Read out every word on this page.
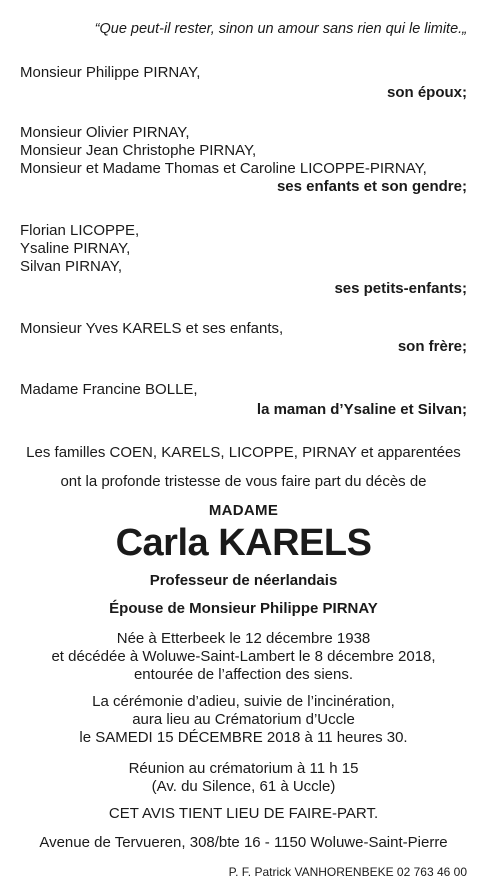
“Que peut-il rester, sinon un amour sans rien qui le limite.„
Monsieur Philippe PIRNAY,
son époux;
Monsieur Olivier PIRNAY,
Monsieur Jean Christophe PIRNAY,
Monsieur et Madame Thomas et Caroline LICOPPE-PIRNAY,
ses enfants et son gendre;
Florian LICOPPE,
Ysaline PIRNAY,
Silvan PIRNAY,
ses petits-enfants;
Monsieur Yves KARELS et ses enfants,
son frère;
Madame Francine BOLLE,
la maman d’Ysaline et Silvan;
Les familles COEN, KARELS, LICOPPE, PIRNAY et apparentées
ont la profonde tristesse de vous faire part du décès de
MADAME
Carla KARELS
Professeur de néerlandais
Épouse de Monsieur Philippe PIRNAY
Née à Etterbeek le 12 décembre 1938
et décédée à Woluwe-Saint-Lambert le 8 décembre 2018,
entourée de l’affection des siens.
La cérémonie d’adieu, suivie de l’incinération,
aura lieu au Crématorium d’Uccle
le SAMEDI 15 DÉCEMBRE 2018 à 11 heures 30.
Réunion au crématorium à 11 h 15
(Av. du Silence, 61 à Uccle)
CET AVIS TIENT LIEU DE FAIRE-PART.
Avenue de Tervueren, 308/bte 16 - 1150 Woluwe-Saint-Pierre
P. F. Patrick VANHORENBEKE 02 763 46 00
